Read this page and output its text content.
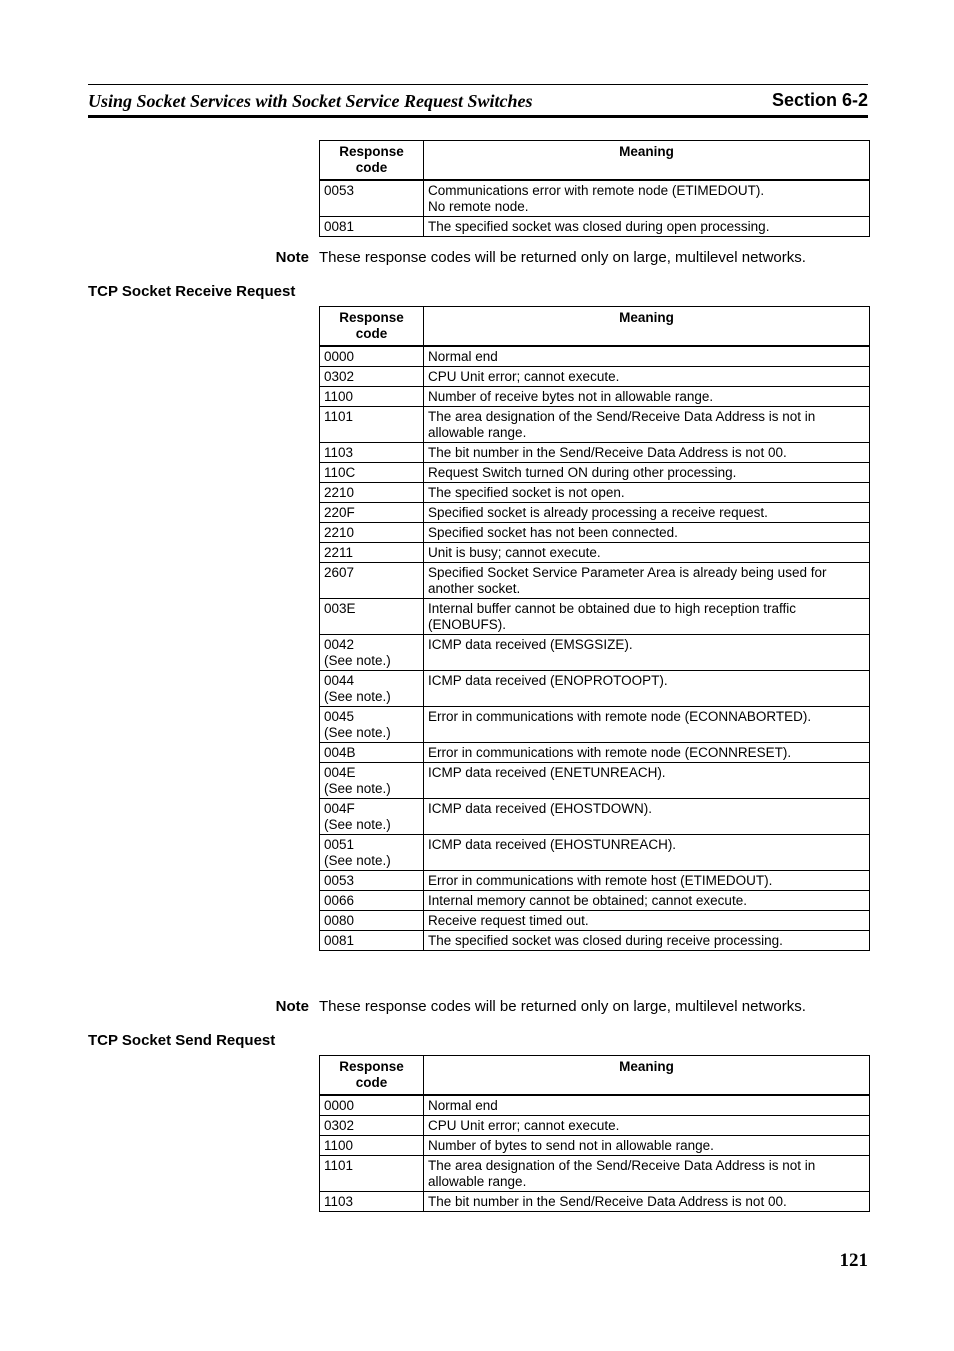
Using Socket Services with Socket Service Request Switches	Section 6-2
Response
code	Meaning
0053	Communications error with remote node (ETIMEDOUT).
No remote node.
0081	The specified socket was closed during open processing.
Note These response codes will be returned only on large, multilevel networks.
TCP Socket Receive Request
Response
code	Meaning
0000	Normal end
0302	CPU Unit error; cannot execute.
1100	Number of receive bytes not in allowable range.
1101	The area designation of the Send/Receive Data Address is not in
allowable range.
1103	The bit number in the Send/Receive Data Address is not 00.
110C	Request Switch turned ON during other processing.
2210	The specified socket is not open.
220F	Specified socket is already processing a receive request.
2210	Specified socket has not been connected.
2211	Unit is busy; cannot execute.
2607	Specified Socket Service Parameter Area is already being used for
another socket.
003E	Internal buffer cannot be obtained due to high reception traffic
(ENOBUFS).
0042
(See note.)	ICMP data received (EMSGSIZE).
0044
(See note.)	ICMP data received (ENOPROTOOPT).
0045
(See note.)	Error in communications with remote node (ECONNABORTED).
004B	Error in communications with remote node (ECONNRESET).
004E
(See note.)	ICMP data received (ENETUNREACH).
004F
(See note.)	ICMP data received (EHOSTDOWN).
0051
(See note.)	ICMP data received (EHOSTUNREACH).
0053	Error in communications with remote host (ETIMEDOUT).
0066	Internal memory cannot be obtained; cannot execute.
0080	Receive request timed out.
0081	The specified socket was closed during receive processing.
Note These response codes will be returned only on large, multilevel networks.
TCP Socket Send Request
Response
code	Meaning
0000	Normal end
0302	CPU Unit error; cannot execute.
1100	Number of bytes to send not in allowable range.
1101	The area designation of the Send/Receive Data Address is not in
allowable range.
1103	The bit number in the Send/Receive Data Address is not 00.
121
